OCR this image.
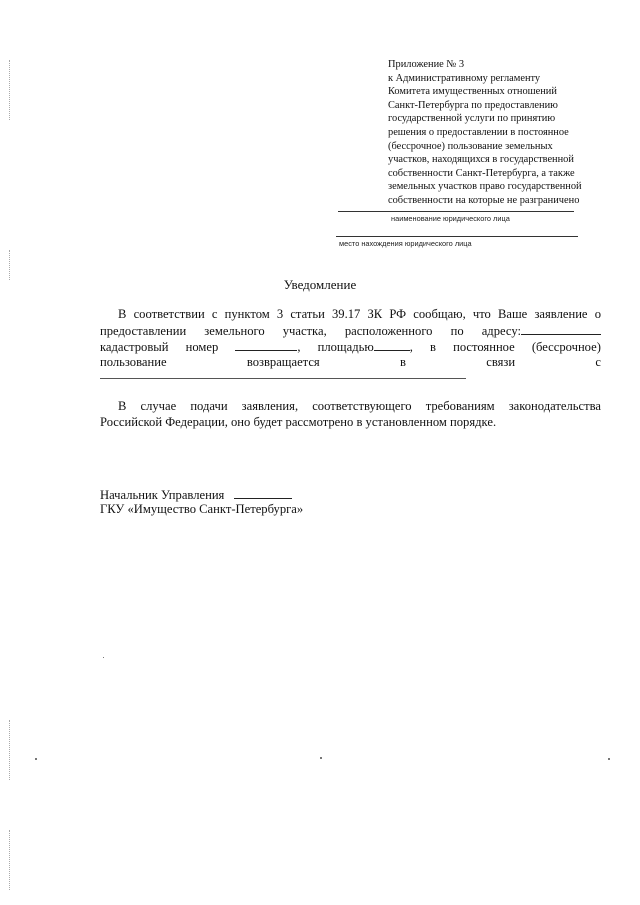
Приложение № 3
к Административному регламенту
Комитета имущественных отношений
Санкт-Петербурга по предоставлению
государственной услуги по принятию
решения о предоставлении в постоянное
(бессрочное) пользование земельных
участков, находящихся в государственной
собственности Санкт-Петербурга, а также
земельных участков право государственной
собственности на которые не разграничено
наименование юридического лица
место нахождения юридического лица
Уведомление
В соответствии с пунктом 3 статьи 39.17 ЗК РФ сообщаю, что Ваше заявление о
предоставлении земельного участка, расположенного по адресу:
кадастровый номер	, площадью	, в постоянное (бессрочное)
пользование	возвращается	в	связи	с
В случае подачи заявления, соответствующего требованиям законодательства
Российской Федерации, оно будет рассмотрено в установленном порядке.
Начальник Управления
ГКУ «Имущество Санкт-Петербурга»
